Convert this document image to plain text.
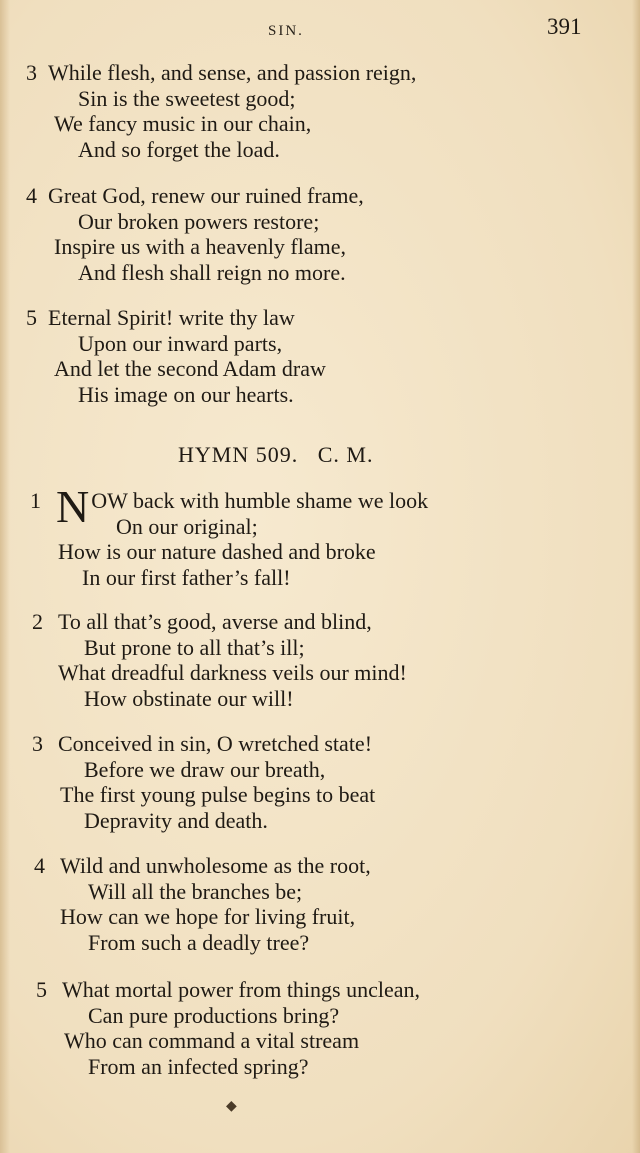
SIN.	391
3 While flesh, and sense, and passion reign,
Sin is the sweetest good;
We fancy music in our chain,
And so forget the load.
4 Great God, renew our ruined frame,
Our broken powers restore;
Inspire us with a heavenly flame,
And flesh shall reign no more.
5 Eternal Spirit! write thy law
Upon our inward parts,
And let the second Adam draw
His image on our hearts.
HYMN 509.   C. M.
1 NOW back with humble shame we look
On our original;
How is our nature dashed and broke
In our first father’s fall!
2 To all that’s good, averse and blind,
But prone to all that’s ill;
What dreadful darkness veils our mind!
How obstinate our will!
3 Conceived in sin, O wretched state!
Before we draw our breath,
The first young pulse begins to beat
Depravity and death.
4 Wild and unwholesome as the root,
Will all the branches be;
How can we hope for living fruit,
From such a deadly tree?
5 What mortal power from things unclean,
Can pure productions bring?
Who can command a vital stream
From an infected spring?
◆
